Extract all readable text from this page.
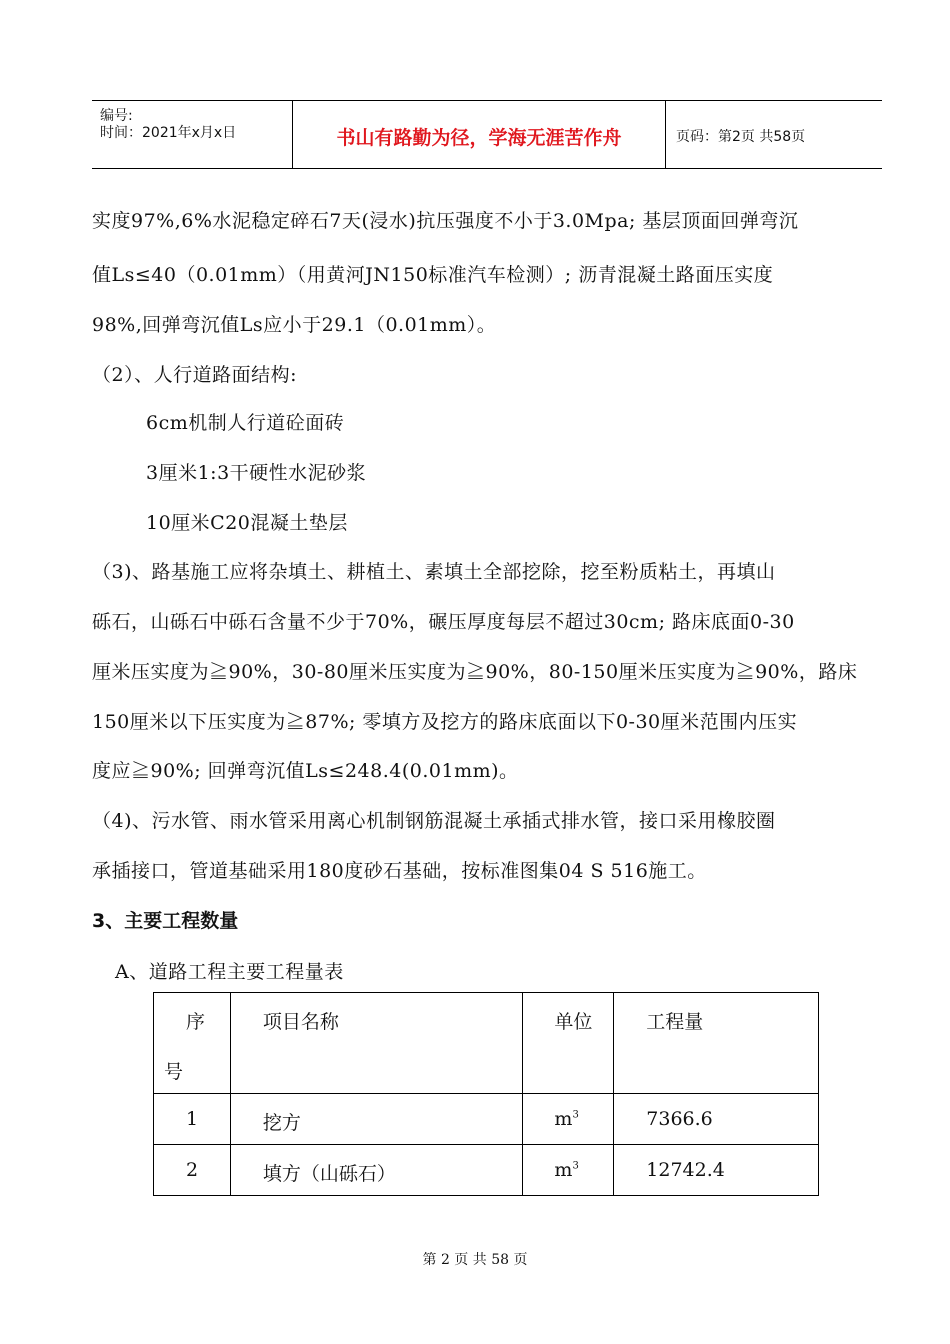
编号:
时间：2021年x月x日	书山有路勤为径，学海无涯苦作舟	页码：第2页 共58页
实度97%,6%水泥稳定碎石7天(浸水)抗压强度不小于3.0Mpa; 基层顶面回弹弯沉
值Ls≤40（0.01mm）（用黄河JN150标准汽车检测）; 沥青混凝土路面压实度
98%,回弹弯沉值Ls应小于29.1（0.01mm）。
（2）、人行道路面结构:
6cm机制人行道砼面砖
3厘米1:3干硬性水泥砂浆
10厘米C20混凝土垫层
（3)、路基施工应将杂填土、耕植土、素填土全部挖除，挖至粉质粘土，再填山
砾石，山砾石中砾石含量不少于70%，碾压厚度每层不超过30cm; 路床底面0-30
厘米压实度为≧90%，30-80厘米压实度为≧90%，80-150厘米压实度为≧90%，路床
150厘米以下压实度为≧87%; 零填方及挖方的路床底面以下0-30厘米范围内压实
度应≧90%; 回弹弯沉值Ls≤248.4(0.01mm)。
（4)、污水管、雨水管采用离心机制钢筋混凝土承插式排水管，接口采用橡胶圈
承插接口，管道基础采用180度砂石基础，按标准图集04 S 516施工。
3、主要工程数量
A、道路工程主要工程量表
序
号	项目名称	单位	工程量

1	挖方	$m^3$	7366.6

2	填方（山砾石）	$m^3$	12742.4
第 2 页 共 58 页
